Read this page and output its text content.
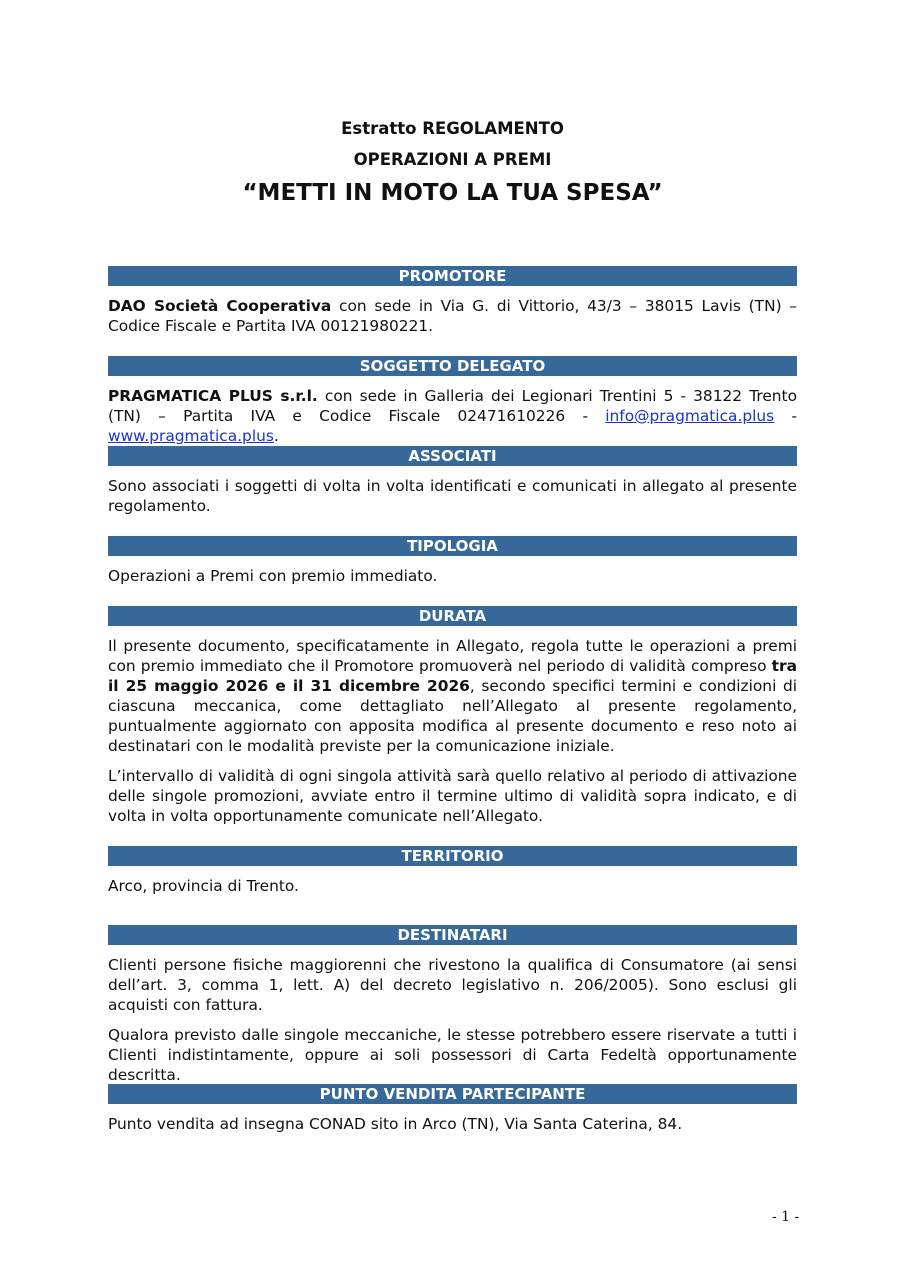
Estratto REGOLAMENTO
OPERAZIONI A PREMI
“METTI IN MOTO LA TUA SPESA”
PROMOTORE
DAO Società Cooperativa con sede in Via G. di Vittorio, 43/3 – 38015 Lavis (TN) – Codice Fiscale e Partita IVA 00121980221.
SOGGETTO DELEGATO
PRAGMATICA PLUS s.r.l. con sede in Galleria dei Legionari Trentini 5 - 38122 Trento (TN) – Partita IVA e Codice Fiscale 02471610226 - info@pragmatica.plus - www.pragmatica.plus.
ASSOCIATI
Sono associati i soggetti di volta in volta identificati e comunicati in allegato al presente regolamento.
TIPOLOGIA
Operazioni a Premi con premio immediato.
DURATA
Il presente documento, specificatamente in Allegato, regola tutte le operazioni a premi con premio immediato che il Promotore promuoverà nel periodo di validità compreso tra il 25 maggio 2026 e il 31 dicembre 2026, secondo specifici termini e condizioni di ciascuna meccanica, come dettagliato nell’Allegato al presente regolamento, puntualmente aggiornato con apposita modifica al presente documento e reso noto ai destinatari con le modalità previste per la comunicazione iniziale.
L’intervallo di validità di ogni singola attività sarà quello relativo al periodo di attivazione delle singole promozioni, avviate entro il termine ultimo di validità sopra indicato, e di volta in volta opportunamente comunicate nell’Allegato.
TERRITORIO
Arco, provincia di Trento.
DESTINATARI
Clienti persone fisiche maggiorenni che rivestono la qualifica di Consumatore (ai sensi dell’art. 3, comma 1, lett. A) del decreto legislativo n. 206/2005). Sono esclusi gli acquisti con fattura.
Qualora previsto dalle singole meccaniche, le stesse potrebbero essere riservate a tutti i Clienti indistintamente, oppure ai soli possessori di Carta Fedeltà opportunamente descritta.
PUNTO VENDITA PARTECIPANTE
Punto vendita ad insegna CONAD sito in Arco (TN), Via Santa Caterina, 84.
- 1 -
